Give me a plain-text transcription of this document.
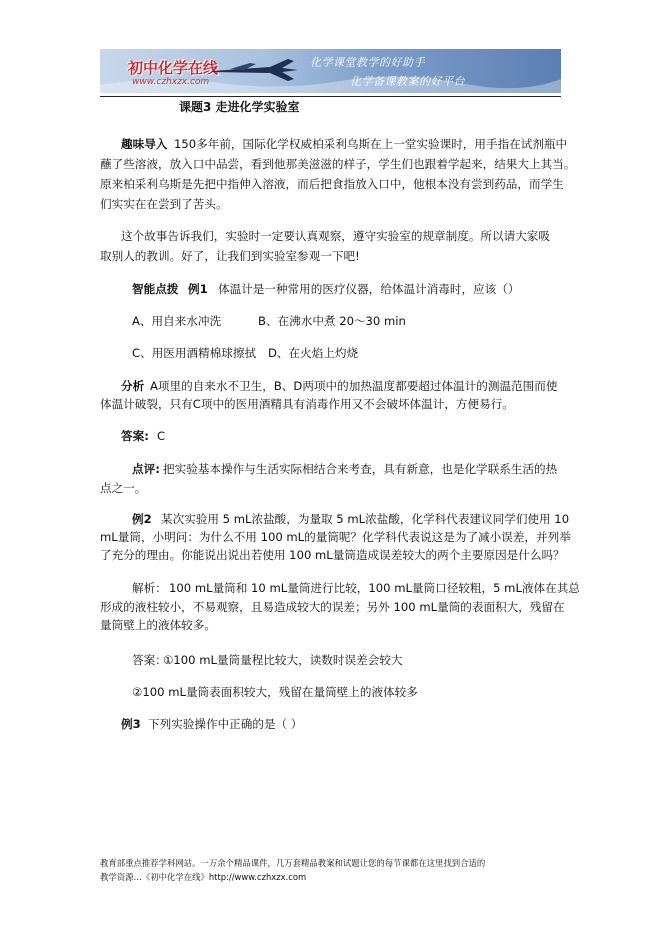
初中化学在线
www.czhxzx.com
化学课堂教学的好助手
化学备课教案的好平台
课题3 走进化学实验室
趣味导入 150多年前，国际化学权威柏采利乌斯在上一堂实验课时，用手指在试剂瓶中
蘸了些溶液，放入口中品尝，看到他那美滋滋的样子，学生们也跟着学起来，结果大上其当。
原来柏采利乌斯是先把中指伸入溶液，而后把食指放入口中，他根本没有尝到药品，而学生
们实实在在尝到了苦头。
这个故事告诉我们，实验时一定要认真观察，遵守实验室的规章制度。所以请大家吸
取别人的教训。好了，让我们到实验室参观一下吧!
智能点拨 例1 体温计是一种常用的医疗仪器，给体温计消毒时，应该（）
A、用自来水冲洗	B、在沸水中煮 20～30 min
C、用医用酒精棉球擦拭 D、在火焰上灼烧
分析 A项里的自来水不卫生，B、D两项中的加热温度都要超过体温计的测温范围而使
体温计破裂，只有C项中的医用酒精具有消毒作用又不会破坏体温计，方便易行。
答案: C
点评: 把实验基本操作与生活实际相结合来考查，具有新意，也是化学联系生活的热
点之一。
例2 某次实验用 5 mL浓盐酸，为量取 5 mL浓盐酸，化学科代表建议同学们使用 10
mL量筒，小明问：为什么不用 100 mL的量筒呢？化学科代表说这是为了减小误差，并列举
了充分的理由。你能说出说出若使用 100 mL量筒造成误差较大的两个主要原因是什么吗？
解析： 100 mL量筒和 10 mL量筒进行比较，100 mL量筒口径较粗，5 mL液体在其总
形成的液柱较小，不易观察，且易造成较大的误差；另外 100 mL量筒的表面积大，残留在
量筒壁上的液体较多。
答案：
①100 mL量筒量程比较大，读数时误差会较大
②100 mL量筒表面积较大，残留在量筒壁上的液体较多
例3 下列实验操作中正确的是（ ）
教育部重点推荐学科网站。一万余个精品课件，几万套精品教案和试题让您的每节课都在这里找到合适的
教学资源…《初中化学在线》http://www.czhxzx.com
